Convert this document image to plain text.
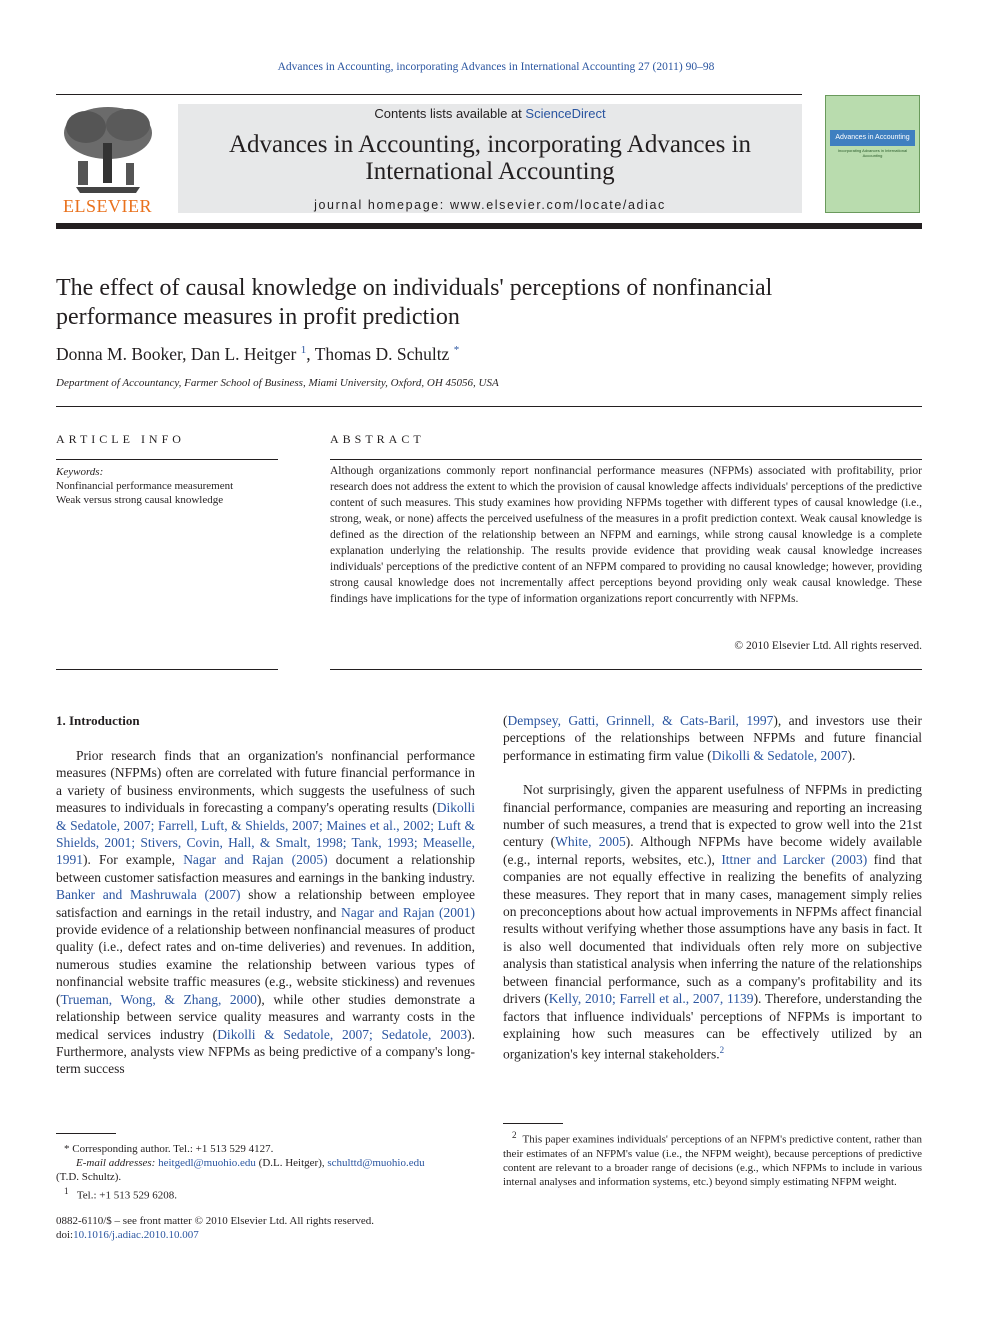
Advances in Accounting, incorporating Advances in International Accounting 27 (2011) 90–98
ELSEVIER
Contents lists available at ScienceDirect
Advances in Accounting, incorporating Advances in International Accounting
journal homepage: www.elsevier.com/locate/adiac
Advances in Accounting
Incorporating Advances in International Accounting
The effect of causal knowledge on individuals' perceptions of nonfinancial performance measures in profit prediction
Donna M. Booker, Dan L. Heitger $^1$, Thomas D. Schultz *
Department of Accountancy, Farmer School of Business, Miami University, Oxford, OH 45056, USA
ARTICLE INFO	ABSTRACT
Keywords:
Nonfinancial performance measurement
Weak versus strong causal knowledge
Although organizations commonly report nonfinancial performance measures (NFPMs) associated with profitability, prior research does not address the extent to which the provision of causal knowledge affects individuals' perceptions of the predictive content of such measures. This study examines how providing NFPMs together with different types of causal knowledge (i.e., strong, weak, or none) affects the perceived usefulness of the measures in a profit prediction context. Weak causal knowledge is defined as the direction of the relationship between an NFPM and earnings, while strong causal knowledge is a complete explanation underlying the relationship. The results provide evidence that providing weak causal knowledge increases individuals' perceptions of the predictive content of an NFPM compared to providing no causal knowledge; however, providing strong causal knowledge does not incrementally affect perceptions beyond providing only weak causal knowledge. These findings have implications for the type of information organizations report concurrently with NFPMs.
© 2010 Elsevier Ltd. All rights reserved.
1. Introduction

Prior research finds that an organization's nonfinancial performance measures (NFPMs) often are correlated with future financial performance in a variety of business environments, which suggests the usefulness of such measures to individuals in forecasting a company's operating results (Dikolli & Sedatole, 2007; Farrell, Luft, & Shields, 2007; Maines et al., 2002; Luft & Shields, 2001; Stivers, Covin, Hall, & Smalt, 1998; Tank, 1993; Measelle, 1991). For example, Nagar and Rajan (2005) document a relationship between customer satisfaction measures and earnings in the banking industry. Banker and Mashruwala (2007) show a relationship between employee satisfaction and earnings in the retail industry, and Nagar and Rajan (2001) provide evidence of a relationship between nonfinancial measures of product quality (i.e., defect rates and on-time deliveries) and revenues. In addition, numerous studies examine the relationship between various types of nonfinancial website traffic measures (e.g., website stickiness) and revenues (Trueman, Wong, & Zhang, 2000), while other studies demonstrate a relationship between service quality measures and warranty costs in the medical services industry (Dikolli & Sedatole, 2007; Sedatole, 2003). Furthermore, analysts view NFPMs as being predictive of a company's long-term success

(Dempsey, Gatti, Grinnell, & Cats-Baril, 1997), and investors use their perceptions of the relationships between NFPMs and future financial performance in estimating firm value (Dikolli & Sedatole, 2007).

Not surprisingly, given the apparent usefulness of NFPMs in predicting financial performance, companies are measuring and reporting an increasing number of such measures, a trend that is expected to grow well into the 21st century (White, 2005). Although NFPMs have become widely available (e.g., internal reports, websites, etc.), Ittner and Larcker (2003) find that companies are not equally effective in realizing the benefits of analyzing these measures. They report that in many cases, management simply relies on preconceptions about how actual improvements in NFPMs affect financial results without verifying whether those assumptions have any basis in fact. It is also well documented that individuals often rely more on subjective analysis than statistical analysis when inferring the nature of the relationships between financial performance, such as a company's profitability and its drivers (Kelly, 2010; Farrell et al., 2007, 1139). Therefore, understanding the factors that influence individuals' perceptions of NFPMs is important to explaining how such measures can be effectively utilized by an organization's key internal stakeholders.$^2$

* Corresponding author. Tel.: +1 513 529 4127.
E-mail addresses: heitgedl@muohio.edu (D.L. Heitger), schulttd@muohio.edu
(T.D. Schultz).
$^1$ Tel.: +1 513 529 6208.
$^2$ This paper examines individuals' perceptions of an NFPM's predictive content, rather than their estimates of an NFPM's value (i.e., the NFPM weight), because perceptions of predictive content are relevant to a broader range of decisions (e.g., which NFPMs to include in various internal analyses and information systems, etc.) beyond simply estimating NFPM weight.
0882-6110/$ – see front matter © 2010 Elsevier Ltd. All rights reserved.
doi:10.1016/j.adiac.2010.10.007
